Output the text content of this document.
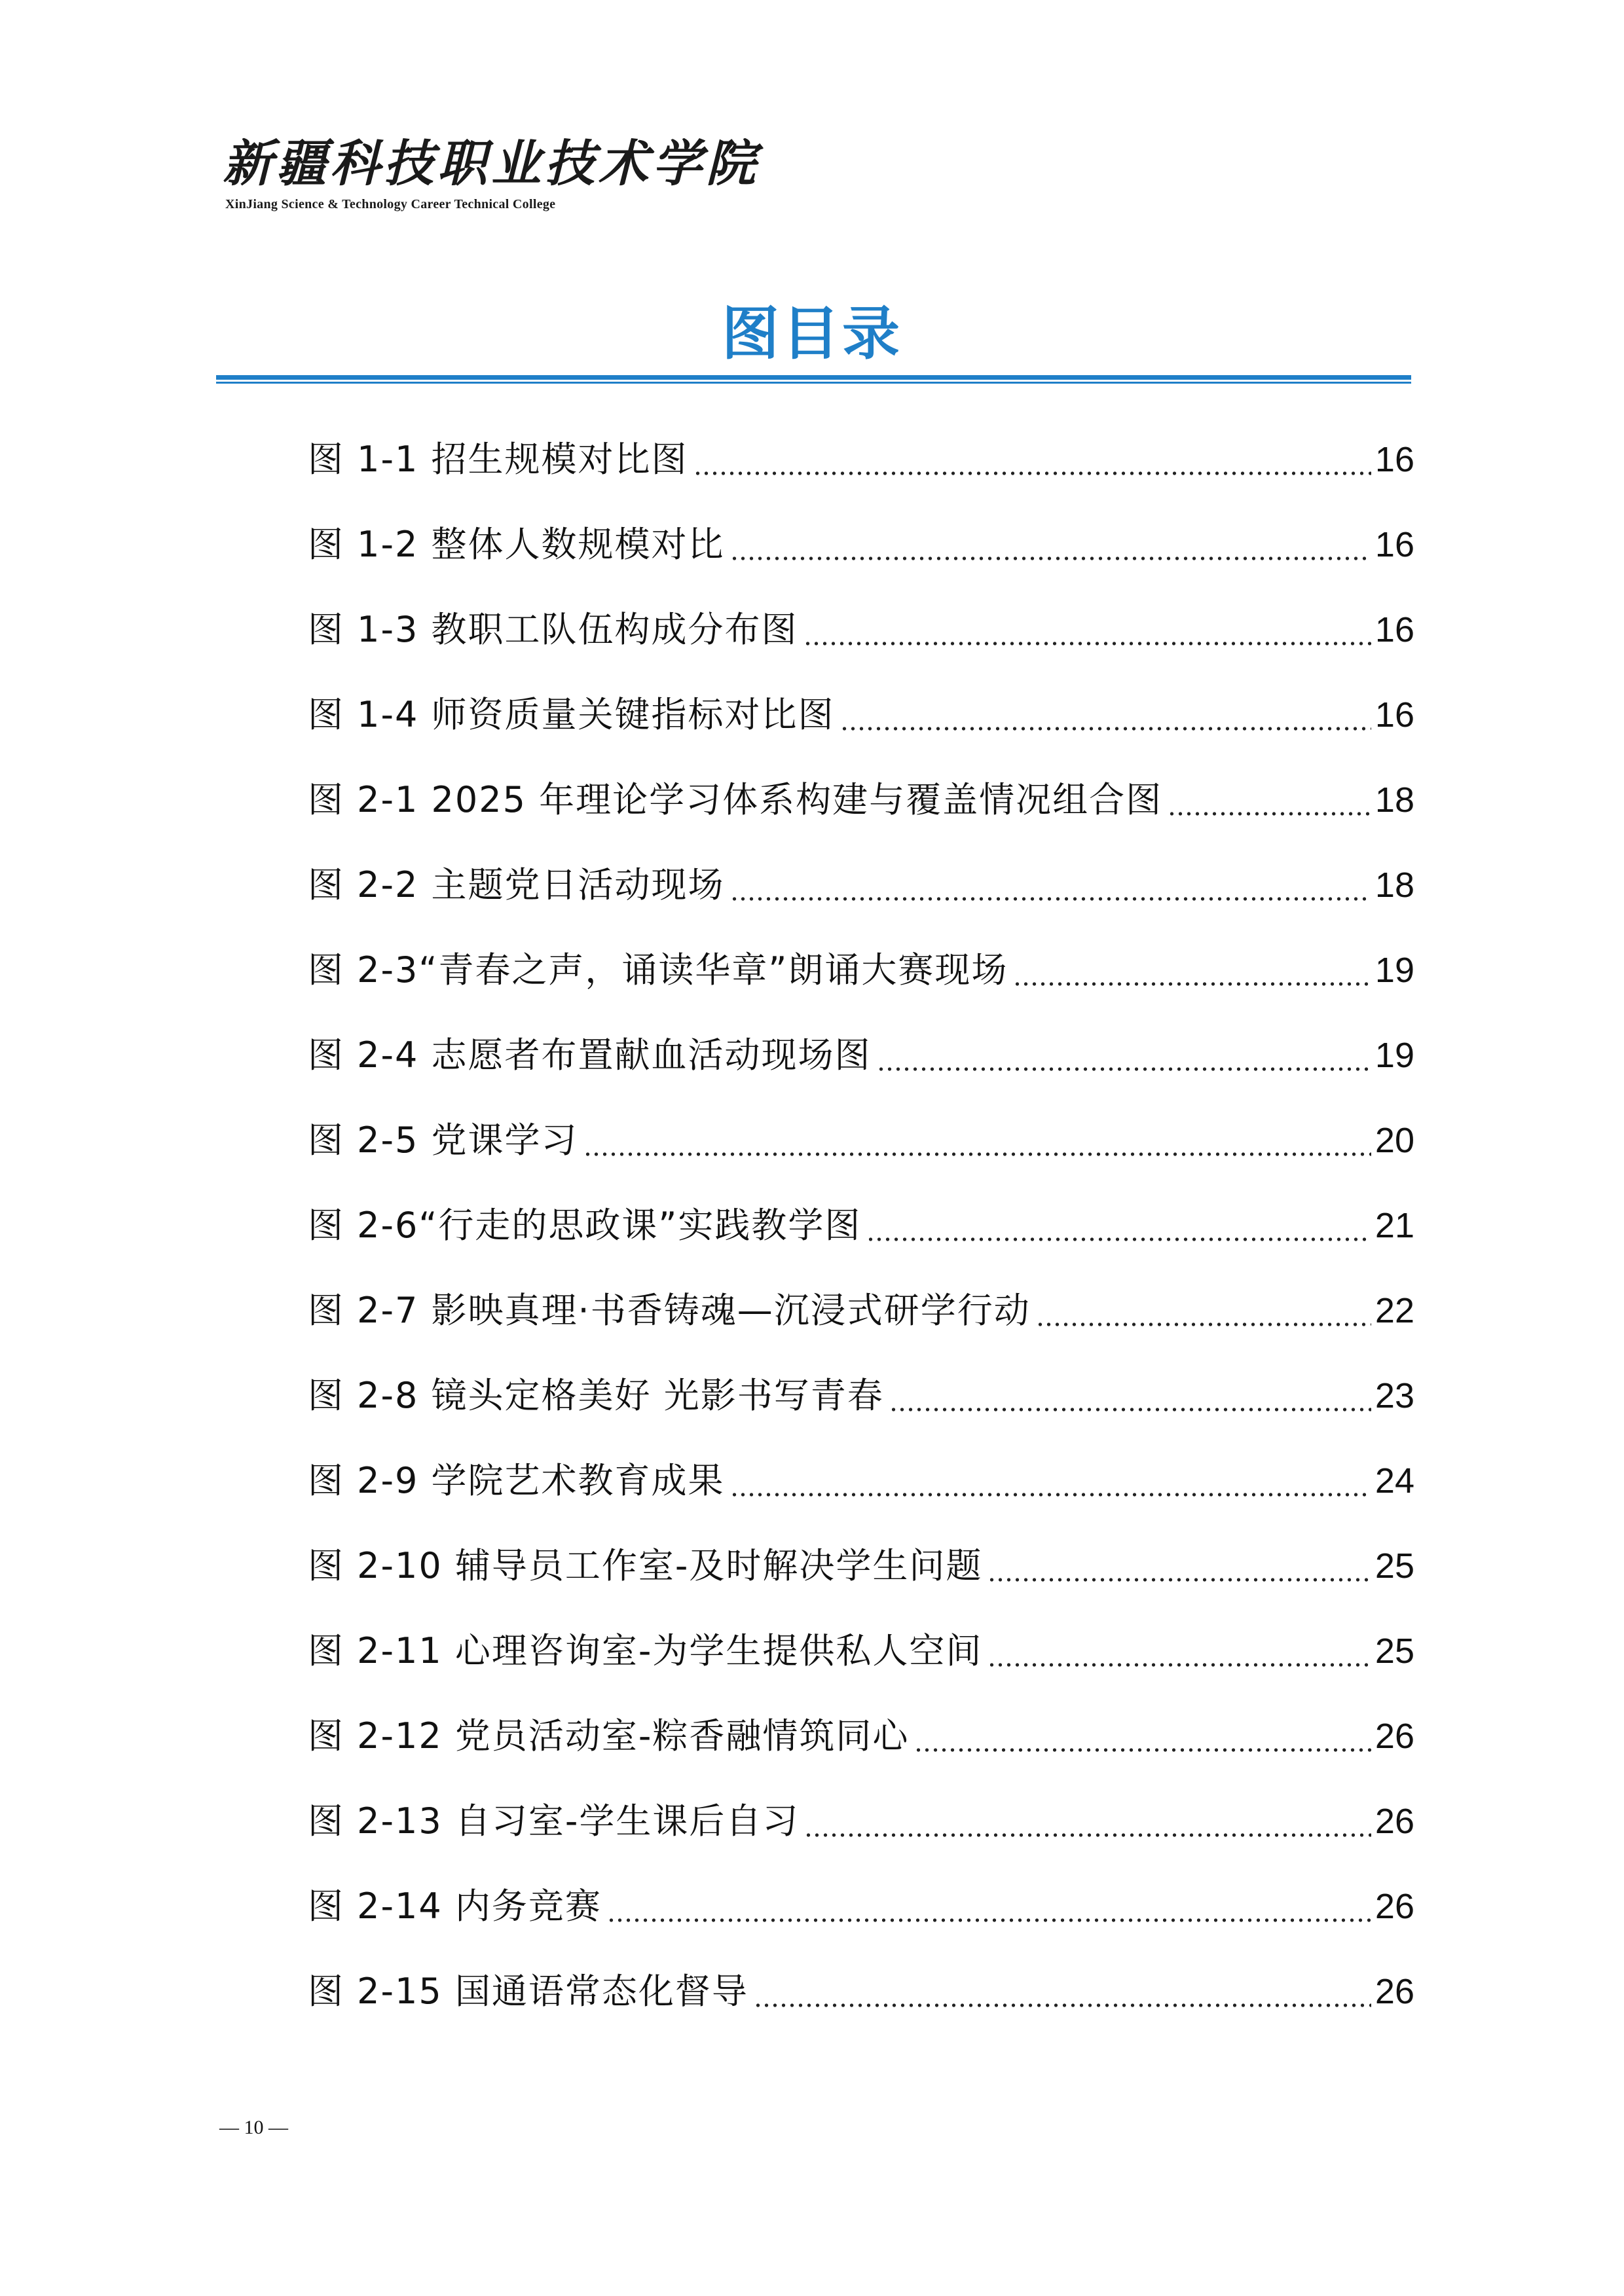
新疆科技职业技术学院
XinJiang Science & Technology Career Technical College
图目录
图 1-1 招生规模对比图	16
图 1-2 整体人数规模对比	16
图 1-3 教职工队伍构成分布图	16
图 1-4 师资质量关键指标对比图	16
图 2-1 2025 年理论学习体系构建与覆盖情况组合图	18
图 2-2 主题党日活动现场	18
图 2-3“青春之声，诵读华章”朗诵大赛现场	19
图 2-4 志愿者布置献血活动现场图	19
图 2-5 党课学习	20
图 2-6“行走的思政课”实践教学图	21
图 2-7 影映真理·书香铸魂—沉浸式研学行动	22
图 2-8 镜头定格美好 光影书写青春	23
图 2-9 学院艺术教育成果	24
图 2-10 辅导员工作室-及时解决学生问题	25
图 2-11 心理咨询室-为学生提供私人空间	25
图 2-12 党员活动室-粽香融情筑同心	26
图 2-13 自习室-学生课后自习	26
图 2-14 内务竞赛	26
图 2-15 国通语常态化督导	26
— 10 —
